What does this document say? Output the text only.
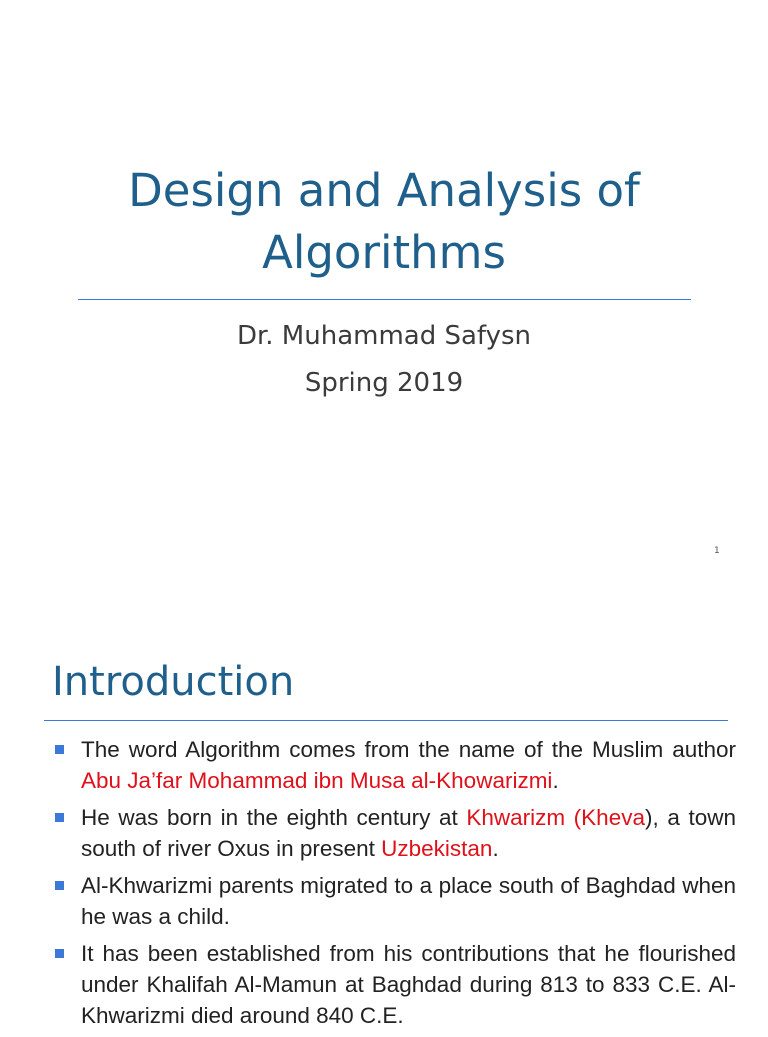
Design and Analysis of
Algorithms

Dr. Muhammad Safysn

Spring 2019

1
Introduction
The word Algorithm comes from the name of the Muslim author Abu Ja’far Mohammad ibn Musa al-Khowarizmi.
He was born in the eighth century at Khwarizm (Kheva), a town south of river Oxus in present Uzbekistan.
Al-Khwarizmi parents migrated to a place south of Baghdad when he was a child.
It has been established from his contributions that he flourished under Khalifah Al-Mamun at Baghdad during 813 to 833 C.E. Al-Khwarizmi died around 840 C.E.
